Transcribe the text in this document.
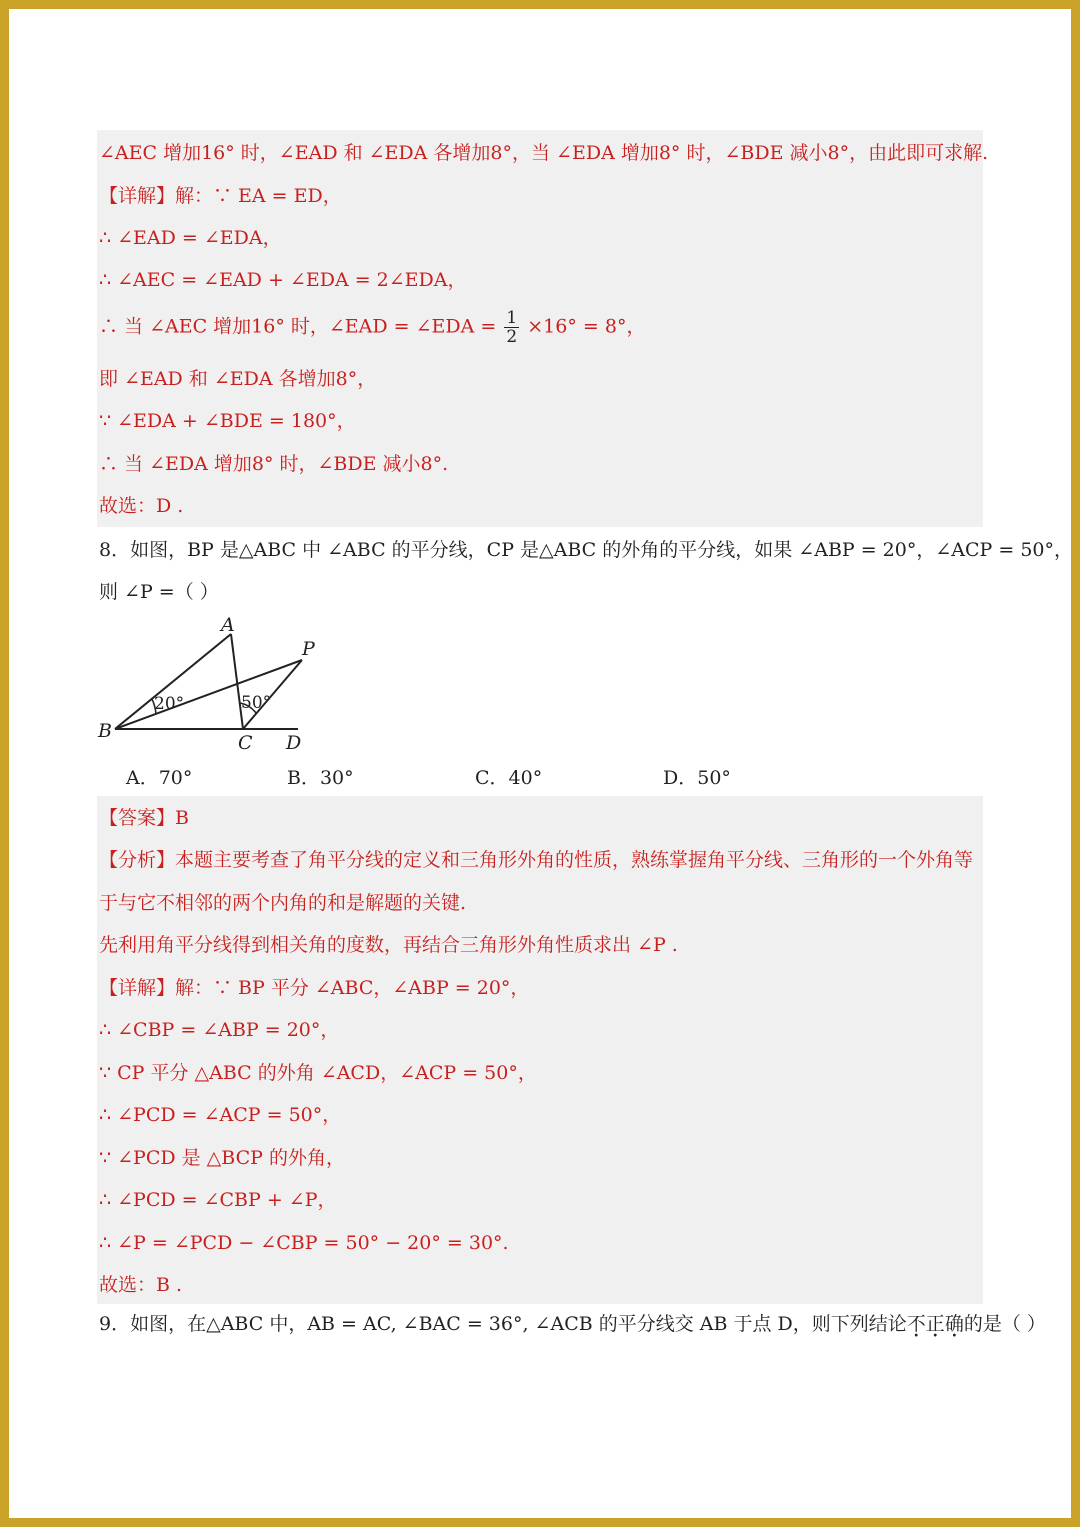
∠AEC 增加16° 时，∠EAD 和 ∠EDA 各增加8°，当 ∠EDA 增加8° 时，∠BDE 减小8°，由此即可求解.
【详解】解：∵ EA = ED，
∴ ∠EAD = ∠EDA，
∴ ∠AEC = ∠EAD + ∠EDA = 2∠EDA，
∴ 当 ∠AEC 增加16° 时，∠EAD = ∠EDA = $\frac{1}{2} \times 16^\circ = 8^\circ$，
即 ∠EAD 和 ∠EDA 各增加8°，
∵ ∠EDA + ∠BDE = 180°，
∴ 当 ∠EDA 增加8° 时，∠BDE 减小8°.
故选：D .
8．如图，BP 是△ABC 中 ∠ABC 的平分线，CP 是△ABC 的外角的平分线，如果 ∠ABP = 20°，∠ACP = 50°，
则 ∠P =（ ）
A
P
B
C D
20°	50°
A．70°	B．30°	C．40°	D．50°
【答案】B
【分析】本题主要考查了角平分线的定义和三角形外角的性质，熟练掌握角平分线、三角形的一个外角等
于与它不相邻的两个内角的和是解题的关键.
先利用角平分线得到相关角的度数，再结合三角形外角性质求出 ∠P .
【详解】解：∵ BP 平分 ∠ABC，∠ABP = 20°，
∴ ∠CBP = ∠ABP = 20°，
∵ CP 平分 △ABC 的外角 ∠ACD，∠ACP = 50°，
∴ ∠PCD = ∠ACP = 50°，
∵ ∠PCD 是 △BCP 的外角，
∴ ∠PCD = ∠CBP + ∠P，
∴ ∠P = ∠PCD − ∠CBP = 50° − 20° = 30°.
故选：B .
9．如图，在△ABC 中，AB = AC, ∠BAC = 36°, ∠ACB 的平分线交 AB 于点 D，则下列结论不正确的是（ ）
